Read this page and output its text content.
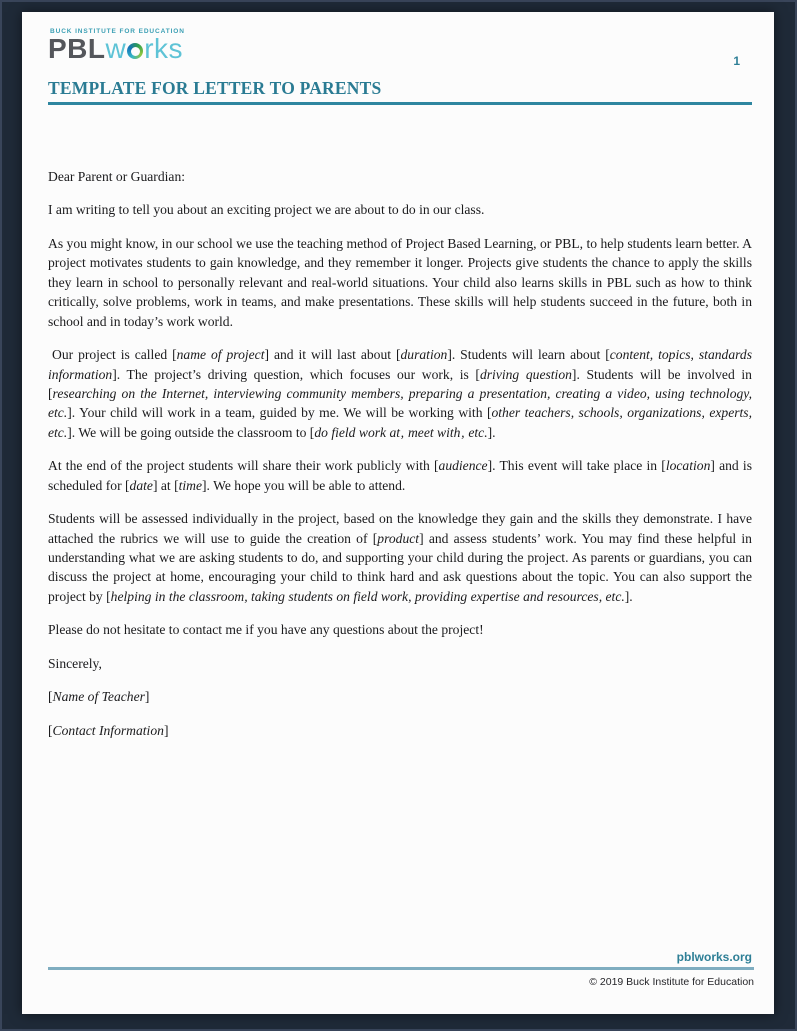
BUCK INSTITUTE FOR EDUCATION
PBLw rks	1
TEMPLATE FOR LETTER TO PARENTS

Dear Parent or Guardian:

I am writing to tell you about an exciting project we are about to do in our class.

As you might know, in our school we use the teaching method of Project Based Learning, or PBL, to help students learn better. A project motivates students to gain knowledge, and they remember it longer. Projects give students the chance to apply the skills they learn in school to personally relevant and real-world situations. Your child also learns skills in PBL such as how to think critically, solve problems, work in teams, and make presentations. These skills will help students succeed in the future, both in school and in today’s work world.

Our project is called [name of project] and it will last about [duration]. Students will learn about [content, topics, standards information]. The project’s driving question, which focuses our work, is [driving question]. Students will be involved in [researching on the Internet, interviewing community members, preparing a presentation, creating a video, using technology, etc.]. Your child will work in a team, guided by me. We will be working with [other teachers, schools, organizations, experts, etc.]. We will be going outside the classroom to [do field work at‚ meet with‚ etc.].

At the end of the project students will share their work publicly with [audience]. This event will take place in [location] and is scheduled for [date] at [time]. We hope you will be able to attend.

Students will be assessed individually in the project, based on the knowledge they gain and the skills they demonstrate. I have attached the rubrics we will use to guide the creation of [product] and assess students’ work. You may find these helpful in understanding what we are asking students to do, and supporting your child during the project. As parents or guardians, you can discuss the project at home, encouraging your child to think hard and ask questions about the topic. You can also support the project by [helping in the classroom, taking students on field work, providing expertise and resources, etc.].

Please do not hesitate to contact me if you have any questions about the project!

Sincerely,

[Name of Teacher]

[Contact Information]

pblworks.org
© 2019 Buck Institute for Education
